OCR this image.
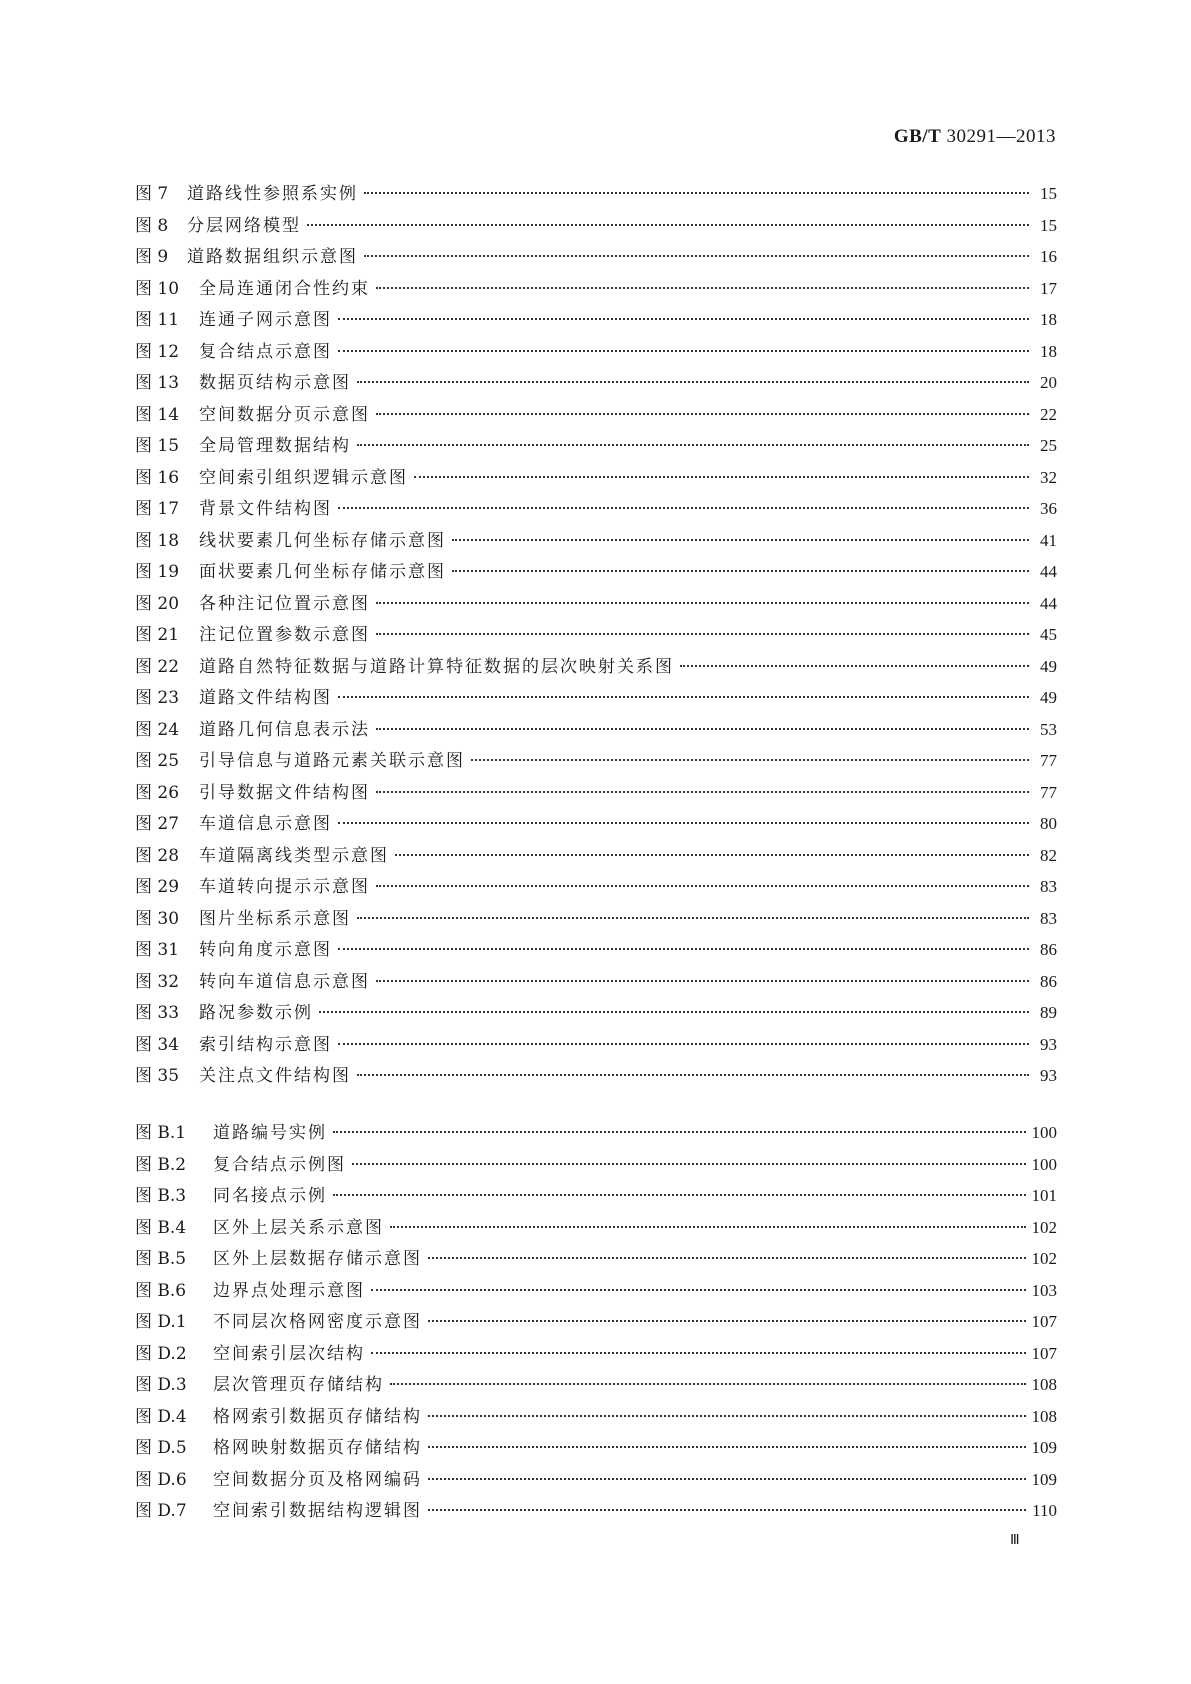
GB/T 30291—2013
图 7	道路线性参照系实例	15
图 8	分层网络模型	15
图 9	道路数据组织示意图	16
图 10	全局连通闭合性约束	17
图 11	连通子网示意图	18
图 12	复合结点示意图	18
图 13	数据页结构示意图	20
图 14	空间数据分页示意图	22
图 15	全局管理数据结构	25
图 16	空间索引组织逻辑示意图	32
图 17	背景文件结构图	36
图 18	线状要素几何坐标存储示意图	41
图 19	面状要素几何坐标存储示意图	44
图 20	各种注记位置示意图	44
图 21	注记位置参数示意图	45
图 22	道路自然特征数据与道路计算特征数据的层次映射关系图	49
图 23	道路文件结构图	49
图 24	道路几何信息表示法	53
图 25	引导信息与道路元素关联示意图	77
图 26	引导数据文件结构图	77
图 27	车道信息示意图	80
图 28	车道隔离线类型示意图	82
图 29	车道转向提示示意图	83
图 30	图片坐标系示意图	83
图 31	转向角度示意图	86
图 32	转向车道信息示意图	86
图 33	路况参数示例	89
图 34	索引结构示意图	93
图 35	关注点文件结构图	93
图 B.1	道路编号实例	100
图 B.2	复合结点示例图	100
图 B.3	同名接点示例	101
图 B.4	区外上层关系示意图	102
图 B.5	区外上层数据存储示意图	102
图 B.6	边界点处理示意图	103
图 D.1	不同层次格网密度示意图	107
图 D.2	空间索引层次结构	107
图 D.3	层次管理页存储结构	108
图 D.4	格网索引数据页存储结构	108
图 D.5	格网映射数据页存储结构	109
图 D.6	空间数据分页及格网编码	109
图 D.7	空间索引数据结构逻辑图	110
Ⅲ
